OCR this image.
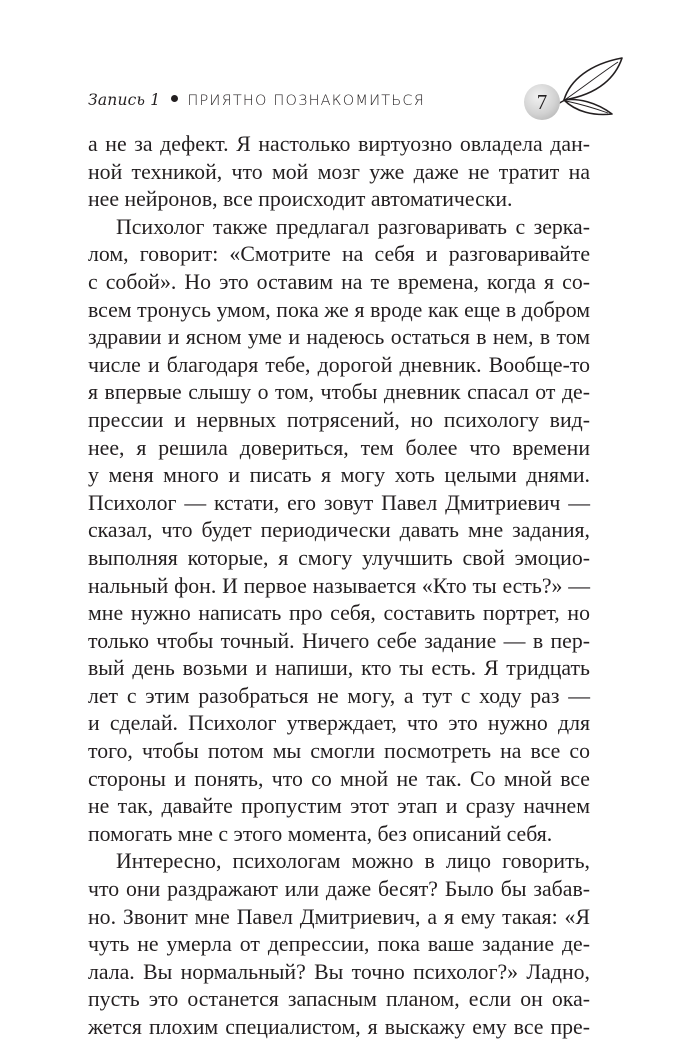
Запись 1 ПРИЯТНО ПОЗНАКОМИТЬСЯ	7
а не за дефект. Я настолько виртуозно овладела дан-
ной техникой, что мой мозг уже даже не тратит на
нее нейронов, все происходит автоматически.
Психолог также предлагал разговаривать с зерка-
лом, говорит: «Смотрите на себя и разговаривайте
с собой». Но это оставим на те времена, когда я со-
всем тронусь умом, пока же я вроде как еще в добром
здравии и ясном уме и надеюсь остаться в нем, в том
числе и благодаря тебе, дорогой дневник. Вообще-то
я впервые слышу о том, чтобы дневник спасал от де-
прессии и нервных потрясений, но психологу вид-
нее, я решила довериться, тем более что времени
у меня много и писать я могу хоть целыми днями.
Психолог — кстати, его зовут Павел Дмитриевич —
сказал, что будет периодически давать мне задания,
выполняя которые, я смогу улучшить свой эмоцио-
нальный фон. И первое называется «Кто ты есть?» —
мне нужно написать про себя, составить портрет, но
только чтобы точный. Ничего себе задание — в пер-
вый день возьми и напиши, кто ты есть. Я тридцать
лет с этим разобраться не могу, а тут с ходу раз —
и сделай. Психолог утверждает, что это нужно для
того, чтобы потом мы смогли посмотреть на все со
стороны и понять, что со мной не так. Со мной все
не так, давайте пропустим этот этап и сразу начнем
помогать мне с этого момента, без описаний себя.
Интересно, психологам можно в лицо говорить,
что они раздражают или даже бесят? Было бы забав-
но. Звонит мне Павел Дмитриевич, а я ему такая: «Я
чуть не умерла от депрессии, пока ваше задание де-
лала. Вы нормальный? Вы точно психолог?» Ладно,
пусть это останется запасным планом, если он ока-
жется плохим специалистом, я выскажу ему все пре-
